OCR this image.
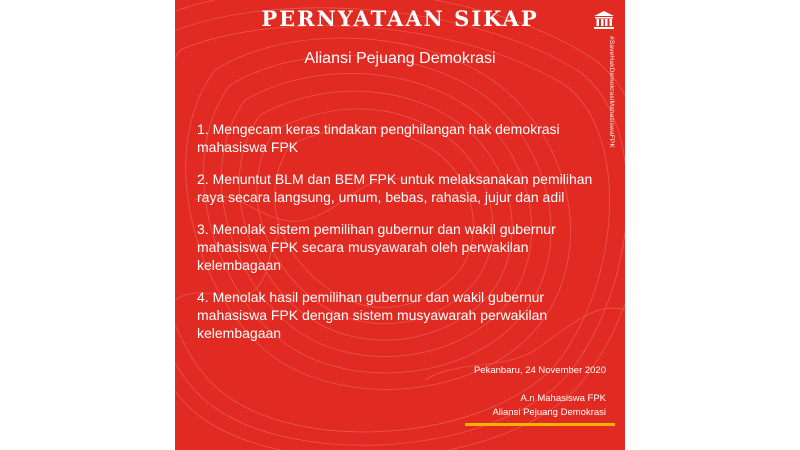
PERNYATAAN SIKAP
Aliansi Pejuang Demokrasi	#SaveHakDemokrasiMahasiswaFPK
1. Mengecam keras tindakan penghilangan hak demokrasi
mahasiswa FPK
2. Menuntut BLM dan BEM FPK untuk melaksanakan pemilihan
raya secara langsung, umum, bebas, rahasia, jujur dan adil
3. Menolak sistem pemilihan gubernur dan wakil gubernur
mahasiswa FPK secara musyawarah oleh perwakilan
kelembagaan
4. Menolak hasil pemilihan gubernur dan wakil gubernur
mahasiswa FPK dengan sistem musyawarah perwakilan
kelembagaan
Pekanbaru, 24 November 2020
A.n Mahasiswa FPK
Aliansi Pejuang Demokrasi
